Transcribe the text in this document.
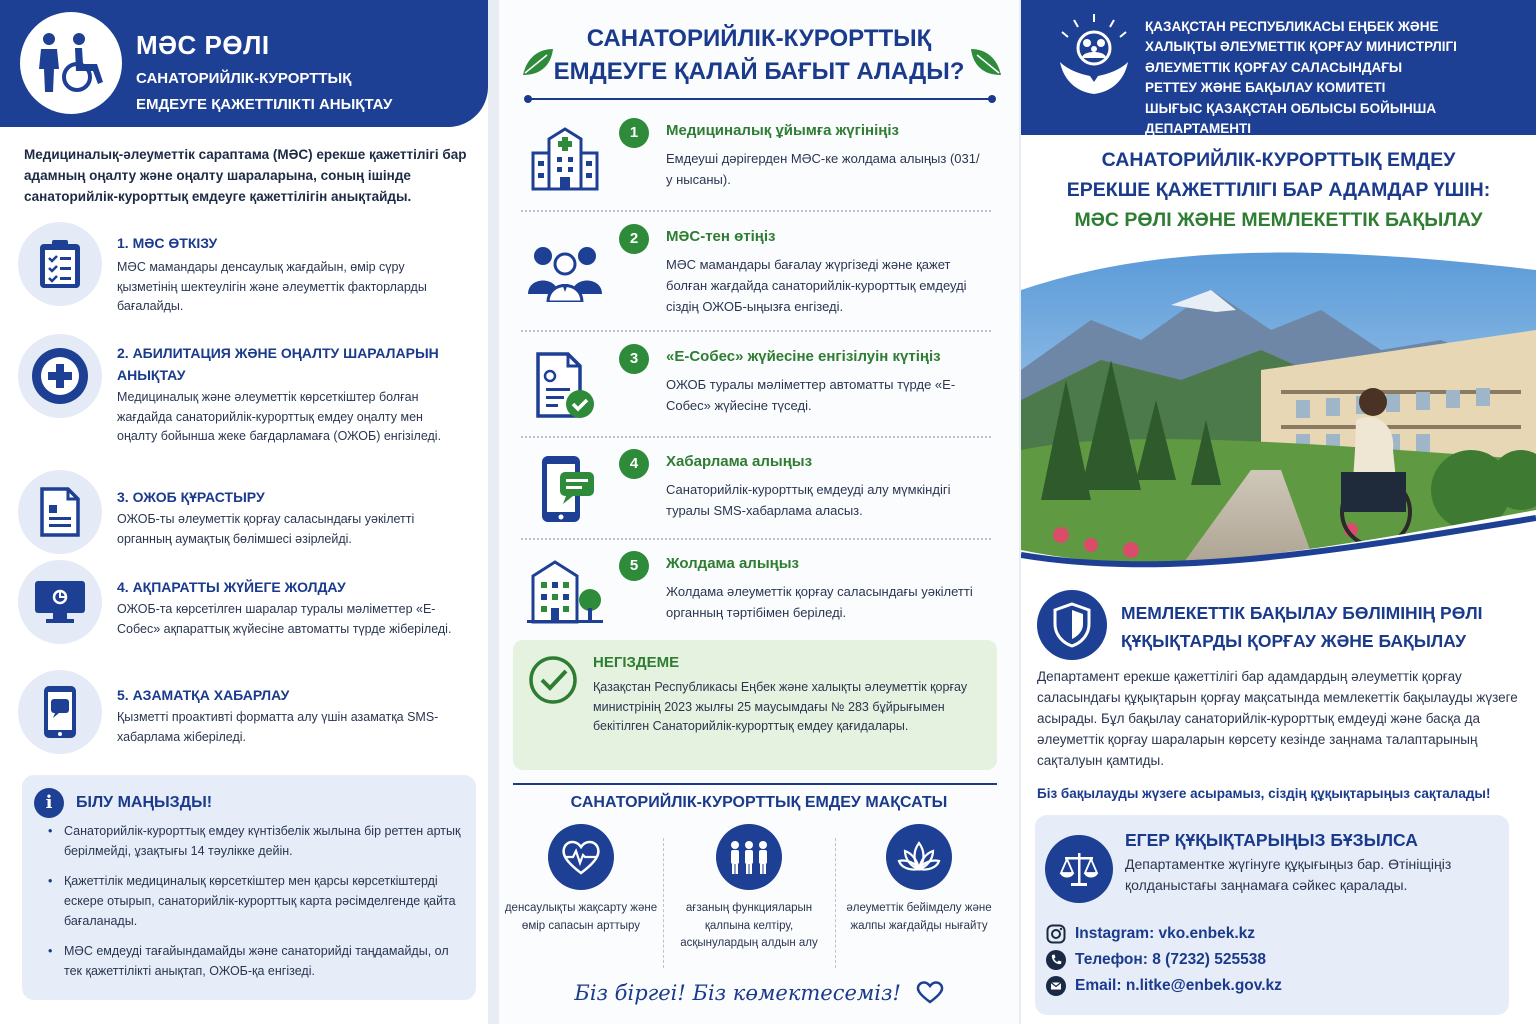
МӘС РӨЛІ
САНАТОРИЙЛІК-КУРОРТТЫҚ
ЕМДЕУГЕ ҚАЖЕТТІЛІКТІ АНЫҚТАУ
Медициналық-әлеуметтік сараптама (МӘС) ерекше қажеттілігі бар адамның оңалту және оңалту шараларына, соның ішінде санаторийлік-курорттық емдеуге қажеттілігін анықтайды.
1. МӘС ӨТКІЗУ
МӘС мамандары денсаулық жағдайын, өмір сүру қызметінің шектеулігін және әлеуметтік факторларды бағалайды.
2. АБИЛИТАЦИЯ ЖӘНЕ ОҢАЛТУ ШАРАЛАРЫН АНЫҚТАУ
Медициналық және әлеуметтік көрсеткіштер болған жағдайда санаторийлік-курорттық емдеу оңалту мен оңалту бойынша жеке бағдарламаға (ОЖОБ) енгізіледі.
3. ОЖОБ ҚҰРАСТЫРУ
ОЖОБ-ты әлеуметтік қорғау саласындағы уәкілетті органның аумақтық бөлімшесі әзірлейді.
4. АҚПАРАТТЫ ЖҮЙЕГЕ ЖОЛДАУ
ОЖОБ-та көрсетілген шаралар туралы мәліметтер «Е-Собес» ақпараттық жүйесіне автоматты түрде жіберіледі.
5. АЗАМАТҚА ХАБАРЛАУ
Қызметті проактивті форматта алу үшін азаматқа SMS-хабарлама жіберіледі.
i	БІЛУ МАҢЫЗДЫ!
• Санаторийлік-курорттық емдеу күнтізбелік жылына бір реттен артық берілмейді, ұзақтығы 14 тәулікке дейін.
• Қажеттілік медициналық көрсеткіштер мен қарсы көрсеткіштерді ескере отырып, санаторийлік-курорттық карта рәсімделгенде қайта бағаланады.
• МӘС емдеуді тағайындамайды және санаторийді таңдамайды, ол тек қажеттілікті анықтап, ОЖОБ-қа енгізеді.
САНАТОРИЙЛІК-КУРОРТТЫҚ
ЕМДЕУГЕ ҚАЛАЙ БАҒЫТ АЛАДЫ?
1	Медициналық ұйымға жүгініңіз
Емдеуші дәрігерден МӘС-ке жолдама алыңыз (031/у нысаны).
2	МӘС-тен өтіңіз
МӘС мамандары бағалау жүргізеді және қажет болған жағдайда санаторийлік-курорттық емдеуді сіздің ОЖОБ-ыңызға енгізеді.
3	«Е-Собес» жүйесіне енгізілуін күтіңіз
ОЖОБ туралы мәліметтер автоматты түрде «Е-Собес» жүйесіне түседі.
4	Хабарлама алыңыз
Санаторийлік-курорттық емдеуді алу мүмкіндігі туралы SMS-хабарлама аласыз.
5	Жолдама алыңыз
Жолдама әлеуметтік қорғау саласындағы уәкілетті органның тәртібімен беріледі.
НЕГІЗДЕМЕ
Қазақстан Республикасы Еңбек және халықты әлеуметтік қорғау министрінің 2023 жылғы 25 маусымдағы № 283 бұйрығымен бекітілген Санаторийлік-курорттық емдеу қағидалары.
САНАТОРИЙЛІК-КУРОРТТЫҚ ЕМДЕУ МАҚСАТЫ
денсаулықты жақсарту және өмір сапасын арттыру
ағзаның функцияларын қалпына келтіру, асқынулардың алдын алу
әлеуметтік бейімделу және жалпы жағдайды нығайту
Біз біргеі! Біз көмектесеміз!
ҚАЗАҚСТАН РЕСПУБЛИКАСЫ ЕҢБЕК ЖӘНЕ
ХАЛЫҚТЫ ӘЛЕУМЕТТІК ҚОРҒАУ МИНИСТРЛІГІ
ӘЛЕУМЕТТІК ҚОРҒАУ САЛАСЫНДАҒЫ
РЕТТЕУ ЖӘНЕ БАҚЫЛАУ КОМИТЕТІ
ШЫҒЫС ҚАЗАҚСТАН ОБЛЫСЫ БОЙЫНША ДЕПАРТАМЕНТІ
САНАТОРИЙЛІК-КУРОРТТЫҚ ЕМДЕУ
ЕРЕКШЕ ҚАЖЕТТІЛІГІ БАР АДАМДАР ҮШІН:
МӘС РӨЛІ ЖӘНЕ МЕМЛЕКЕТТІК БАҚЫЛАУ
МЕМЛЕКЕТТІК БАҚЫЛАУ БӨЛІМІНІҢ РӨЛІ
ҚҰҚЫҚТАРДЫ ҚОРҒАУ ЖӘНЕ БАҚЫЛАУ
Департамент ерекше қажеттілігі бар адамдардың әлеуметтік қорғау саласындағы құқықтарын қорғау мақсатында мемлекеттік бақылауды жүзеге асырады. Бұл бақылау санаторийлік-курорттық емдеуді және басқа да әлеуметтік қорғау шараларын көрсету кезінде заңнама талаптарының сақталуын қамтиды.
Біз бақылауды жүзеге асырамыз, сіздің құқықтарыңыз сақталады!
ЕГЕР ҚҰҚЫҚТАРЫҢЫЗ БҰЗЫЛСА
Департаментке жүгінуге құқығыңыз бар. Өтініщіңіз қолданыстағы заңнамаға сәйкес қаралады.
Instagram: vko.enbek.kz
Телефон: 8 (7232) 525538
Email: n.litke@enbek.gov.kz
